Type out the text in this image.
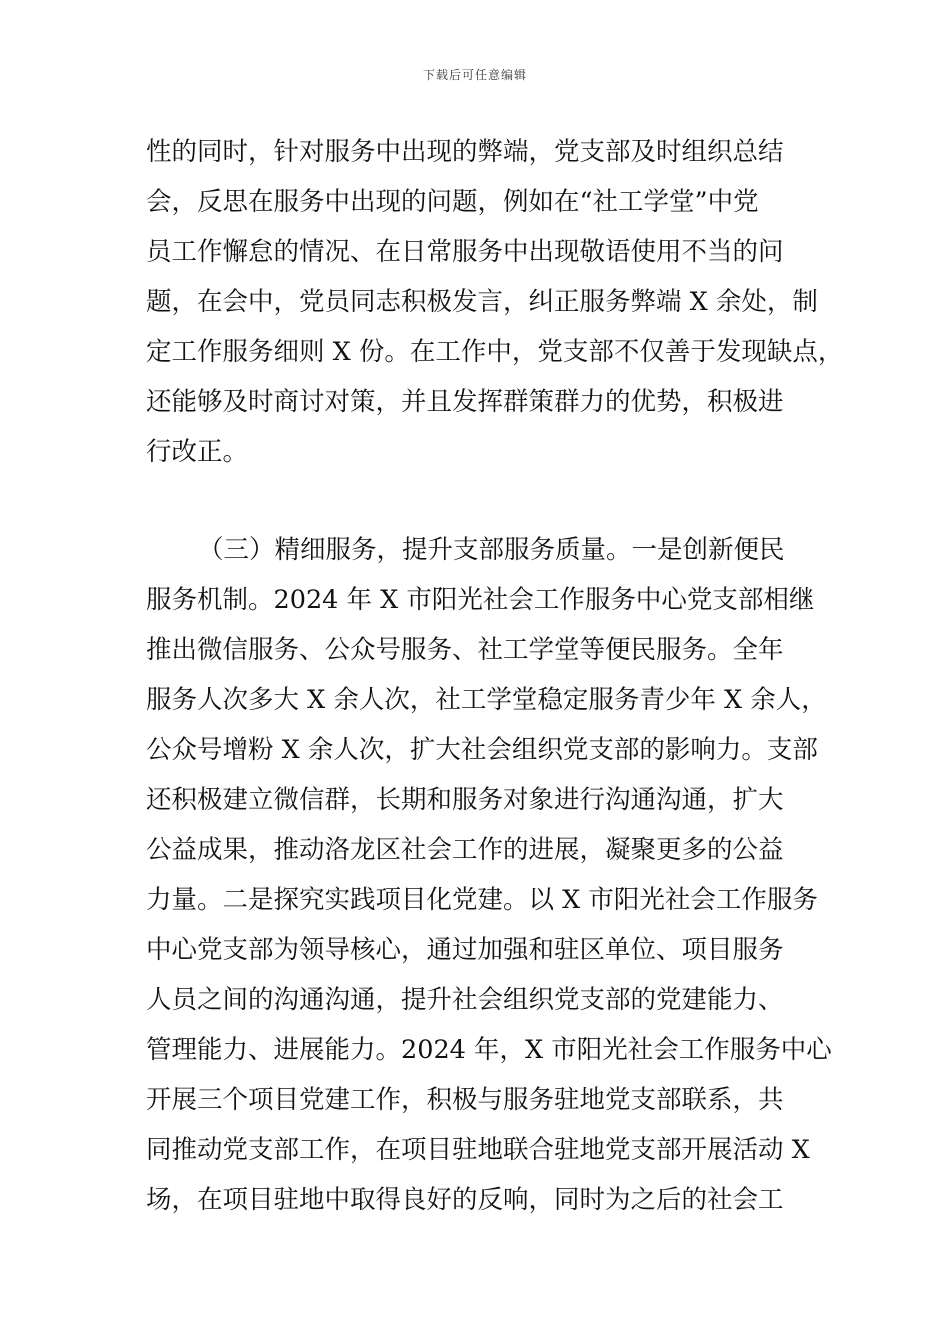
下载后可任意编辑
性的同时，针对服务中出现的弊端，党支部及时组织总结
会，反思在服务中出现的问题，例如在“社工学堂”中党
员工作懈怠的情况、在日常服务中出现敬语使用不当的问
题，在会中，党员同志积极发言，纠正服务弊端 X 余处，制
定工作服务细则 X 份。在工作中，党支部不仅善于发现缺点，
还能够及时商讨对策，并且发挥群策群力的优势，积极进
行改正。
（三）精细服务，提升支部服务质量。一是创新便民
服务机制。2024 年 X 市阳光社会工作服务中心党支部相继
推出微信服务、公众号服务、社工学堂等便民服务。全年
服务人次多大 X 余人次，社工学堂稳定服务青少年 X 余人，
公众号增粉 X 余人次，扩大社会组织党支部的影响力。支部
还积极建立微信群，长期和服务对象进行沟通沟通，扩大
公益成果，推动洛龙区社会工作的进展，凝聚更多的公益
力量。二是探究实践项目化党建。以 X 市阳光社会工作服务
中心党支部为领导核心，通过加强和驻区单位、项目服务
人员之间的沟通沟通，提升社会组织党支部的党建能力、
管理能力、进展能力。2024 年，X 市阳光社会工作服务中心
开展三个项目党建工作，积极与服务驻地党支部联系，共
同推动党支部工作，在项目驻地联合驻地党支部开展活动 X
场，在项目驻地中取得良好的反响，同时为之后的社会工
